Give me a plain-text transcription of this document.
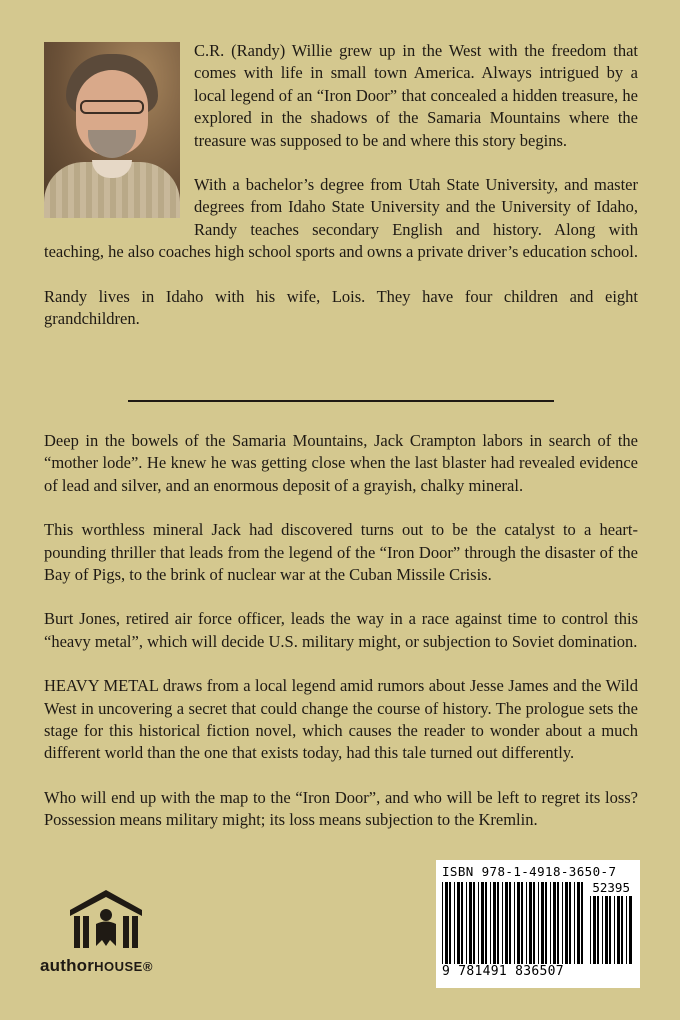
C.R. (Randy) Willie grew up in the West with the freedom that comes with life in small town America. Always intrigued by a local legend of an “Iron Door” that concealed a hidden treasure, he explored in the shadows of the Samaria Mountains where the treasure was supposed to be and where this story begins.

With a bachelor’s degree from Utah State University, and master degrees from Idaho State University and the University of Idaho, Randy teaches secondary English and history. Along with teaching, he also coaches high school sports and owns a private driver’s education school.

Randy lives in Idaho with his wife, Lois. They have four children and eight grandchildren.

Deep in the bowels of the Samaria Mountains, Jack Crampton labors in search of the “mother lode”. He knew he was getting close when the last blaster had revealed evidence of lead and silver, and an enormous deposit of a grayish, chalky mineral.

This worthless mineral Jack had discovered turns out to be the catalyst to a heart-pounding thriller that leads from the legend of the “Iron Door” through the disaster of the Bay of Pigs, to the brink of nuclear war at the Cuban Missile Crisis.

Burt Jones, retired air force officer, leads the way in a race against time to control this “heavy metal”, which will decide U.S. military might, or subjection to Soviet domination.

HEAVY METAL draws from a local legend amid rumors about Jesse James and the Wild West in uncovering a secret that could change the course of history. The prologue sets the stage for this historical fiction novel, which causes the reader to wonder about a much different world than the one that exists today, had this tale turned out differently.

Who will end up with the map to the “Iron Door”, and who will be left to regret its loss? Possession means military might; its loss means subjection to the Kremlin.

authorHOUSE®
ISBN 978-1-4918-3650-7
52395
9 781491 836507
